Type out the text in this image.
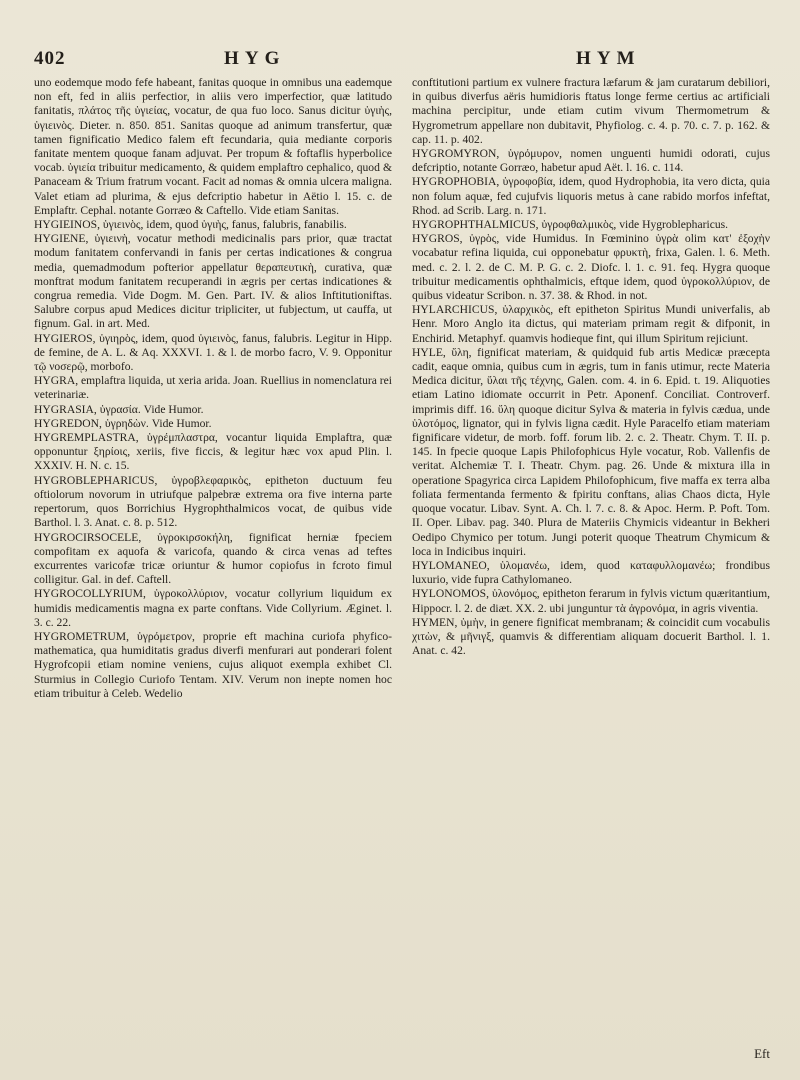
402	H Y G	H Y M

uno eodemque modo fefe habeant, fanitas quoque in omnibus una eademque non eft, fed in aliis perfectior, in aliis vero imperfectior, quæ latitudo fanitatis, πλάτος τῆς ὑγιείας, vocatur, de qua fuo loco. Sanus dicitur ὑγιὴς, ὑγιεινὸς. Dieter. n. 850. 851. Sanitas quoque ad animum transfertur, quæ tamen fignificatio Medico falem eft fecundaria, quia mediante corporis fanitate mentem quoque fanam adjuvat. Per tropum & foftaflis hyperbolice vocab. ὑγιεία tribuitur medicamento, & quidem emplaftro cephalico, quod & Panaceam & Trium fratrum vocant. Facit ad nomas & omnia ulcera maligna. Valet etiam ad plurima, & ejus defcriptio habetur in Aëtio l. 15. c. de Emplaftr. Cephal. notante Gorræo & Caftello. Vide etiam Sanitas.

HYGIEINOS, ὑγιεινὸς, idem, quod ὑγιὴς, fanus, falubris, fanabilis.

HYGIENE, ὑγιεινὴ, vocatur methodi medicinalis pars prior, quæ tractat modum fanitatem confervandi in fanis per certas indicationes & congrua media, quemadmodum pofterior appellatur θεραπευτικὴ, curativa, quæ monftrat modum fanitatem recuperandi in ægris per certas indicationes & congrua remedia. Vide Dogm. M. Gen. Part. IV. & alios Inftitutioniftas. Salubre corpus apud Medices dicitur tripliciter, ut fubjectum, ut cauffa, ut fignum. Gal. in art. Med.

HYGIEROS, ὑγιηρὸς, idem, quod ὑγιεινὸς, fanus, falubris. Legitur in Hipp. de femine, de A. L. & Aq. XXXVI. 1. & l. de morbo facro, V. 9. Opponitur τῷ νοσερῷ, morbofo.

HYGRA, emplaftra liquida, ut xeria arida. Joan. Ruellius in nomenclatura rei veterinariæ.

HYGRASIA, ὑγρασία. Vide Humor.

HYGREDON, ὑγρηδὼν. Vide Humor.

HYGREMPLASTRA, ὑγρέμπλαστρα, vocantur liquida Emplaftra, quæ opponuntur ξηρίοις, xeriis, five ficcis, & legitur hæc vox apud Plin. l. XXXIV. H. N. c. 15.

HYGROBLEPHARICUS, ὑγροβλεφαρικὸς, epitheton ductuum feu oftiolorum novorum in utriufque palpebræ extrema ora five interna parte repertorum, quos Borrichius Hygrophthalmicos vocat, de quibus vide Barthol. l. 3. Anat. c. 8. p. 512.

HYGROCIRSOCELE, ὑγροκιρσοκήλη, fignificat herniæ fpeciem compofitam ex aquofa & varicofa, quando & circa venas ad teftes excurrentes varicofæ tricæ oriuntur & humor copiofus in fcroto fimul colligitur. Gal. in def. Caftell.

HYGROCOLLYRIUM, ὑγροκολλύριον, vocatur collyrium liquidum ex humidis medicamentis magna ex parte conftans. Vide Collyrium. Æginet. l. 3. c. 22.

HYGROMETRUM, ὑγρόμετρον, proprie eft machina curiofa phyfico-mathematica, qua humiditatis gradus diverfi menfurari aut ponderari folent Hygrofcopii etiam nomine veniens, cujus aliquot exempla exhibet Cl. Sturmius in Collegio Curiofo Tentam. XIV. Verum non inepte nomen hoc etiam tribuitur à Celeb. Wedelio

conftitutioni partium ex vulnere fractura læfarum & jam curatarum debiliori, in quibus diverfus aëris humidioris ftatus longe ferme certius ac artificiali machina percipitur, unde etiam cutim vivum Thermometrum & Hygrometrum appellare non dubitavit, Phyfiolog. c. 4. p. 70. c. 7. p. 162. & cap. 11. p. 402.

HYGROMYRON, ὑγρόμυρον, nomen unguenti humidi odorati, cujus defcriptio, notante Gorræo, habetur apud Aët. l. 16. c. 114.

HYGROPHOBIA, ὑγροφοβία, idem, quod Hydrophobia, ita vero dicta, quia non folum aquæ, fed cujufvis liquoris metus à cane rabido morfos infeftat, Rhod. ad Scrib. Larg. n. 171.

HYGROPHTHALMICUS, ὑγροφθαλμικὸς, vide Hygroblepharicus.

HYGROS, ὑγρὸς, vide Humidus. In Fœminino ὑγρὰ olim κατ' ἐξοχὴν vocabatur refina liquida, cui opponebatur φρυκτὴ, frixa, Galen. l. 6. Meth. med. c. 2. l. 2. de C. M. P. G. c. 2. Diofc. l. 1. c. 91. feq. Hygra quoque tribuitur medicamentis ophthalmicis, eftque idem, quod ὑγροκολλύριον, de quibus videatur Scribon. n. 37. 38. & Rhod. in not.

HYLARCHICUS, ὑλαρχικὸς, eft epitheton Spiritus Mundi univerfalis, ab Henr. Moro Anglo ita dictus, qui materiam primam regit & difponit, in Enchirid. Metaphyf. quamvis hodieque fint, qui illum Spiritum rejiciunt.

HYLE, ὕλη, fignificat materiam, & quidquid fub artis Medicæ præcepta cadit, eaque omnia, quibus cum in ægris, tum in fanis utimur, recte Materia Medica dicitur, ὕλαι τῆς τέχνης, Galen. com. 4. in 6. Epid. t. 19. Aliquoties etiam Latino idiomate occurrit in Petr. Aponenf. Conciliat. Controverf. imprimis diff. 16. ὕλη quoque dicitur Sylva & materia in fylvis cædua, unde ὑλοτόμος, lignator, qui in fylvis ligna cædit. Hyle Paracelfo etiam materiam fignificare videtur, de morb. foff. forum lib. 2. c. 2. Theatr. Chym. T. II. p. 145. In fpecie quoque Lapis Philofophicus Hyle vocatur, Rob. Vallenfis de veritat. Alchemiæ T. I. Theatr. Chym. pag. 26. Unde & mixtura illa in operatione Spagyrica circa Lapidem Philofophicum, five maffa ex terra alba foliata fermentanda fermento & fpiritu conftans, alias Chaos dicta, Hyle quoque vocatur. Libav. Synt. A. Ch. l. 7. c. 8. & Apoc. Herm. P. Poft. Tom. II. Oper. Libav. pag. 340. Plura de Materiis Chymicis videantur in Bekheri Oedipo Chymico per totum. Jungi poterit quoque Theatrum Chymicum & loca in Indicibus inquiri.

HYLOMANEO, ὑλομανέω, idem, quod καταφυλλομανέω; frondibus luxurio, vide fupra Cathylomaneo.

HYLONOMOS, ὑλονόμος, epitheton ferarum in fylvis victum quæritantium, Hippocr. l. 2. de diæt. XX. 2. ubi junguntur τὰ ἀγρονόμα, in agris viventia.

HYMEN, ὑμὴν, in genere fignificat membranam; & coincidit cum vocabulis χιτὼν, & μῆνιγξ, quamvis & differentiam aliquam docuerit Barthol. l. 1. Anat. c. 42.

Eft
